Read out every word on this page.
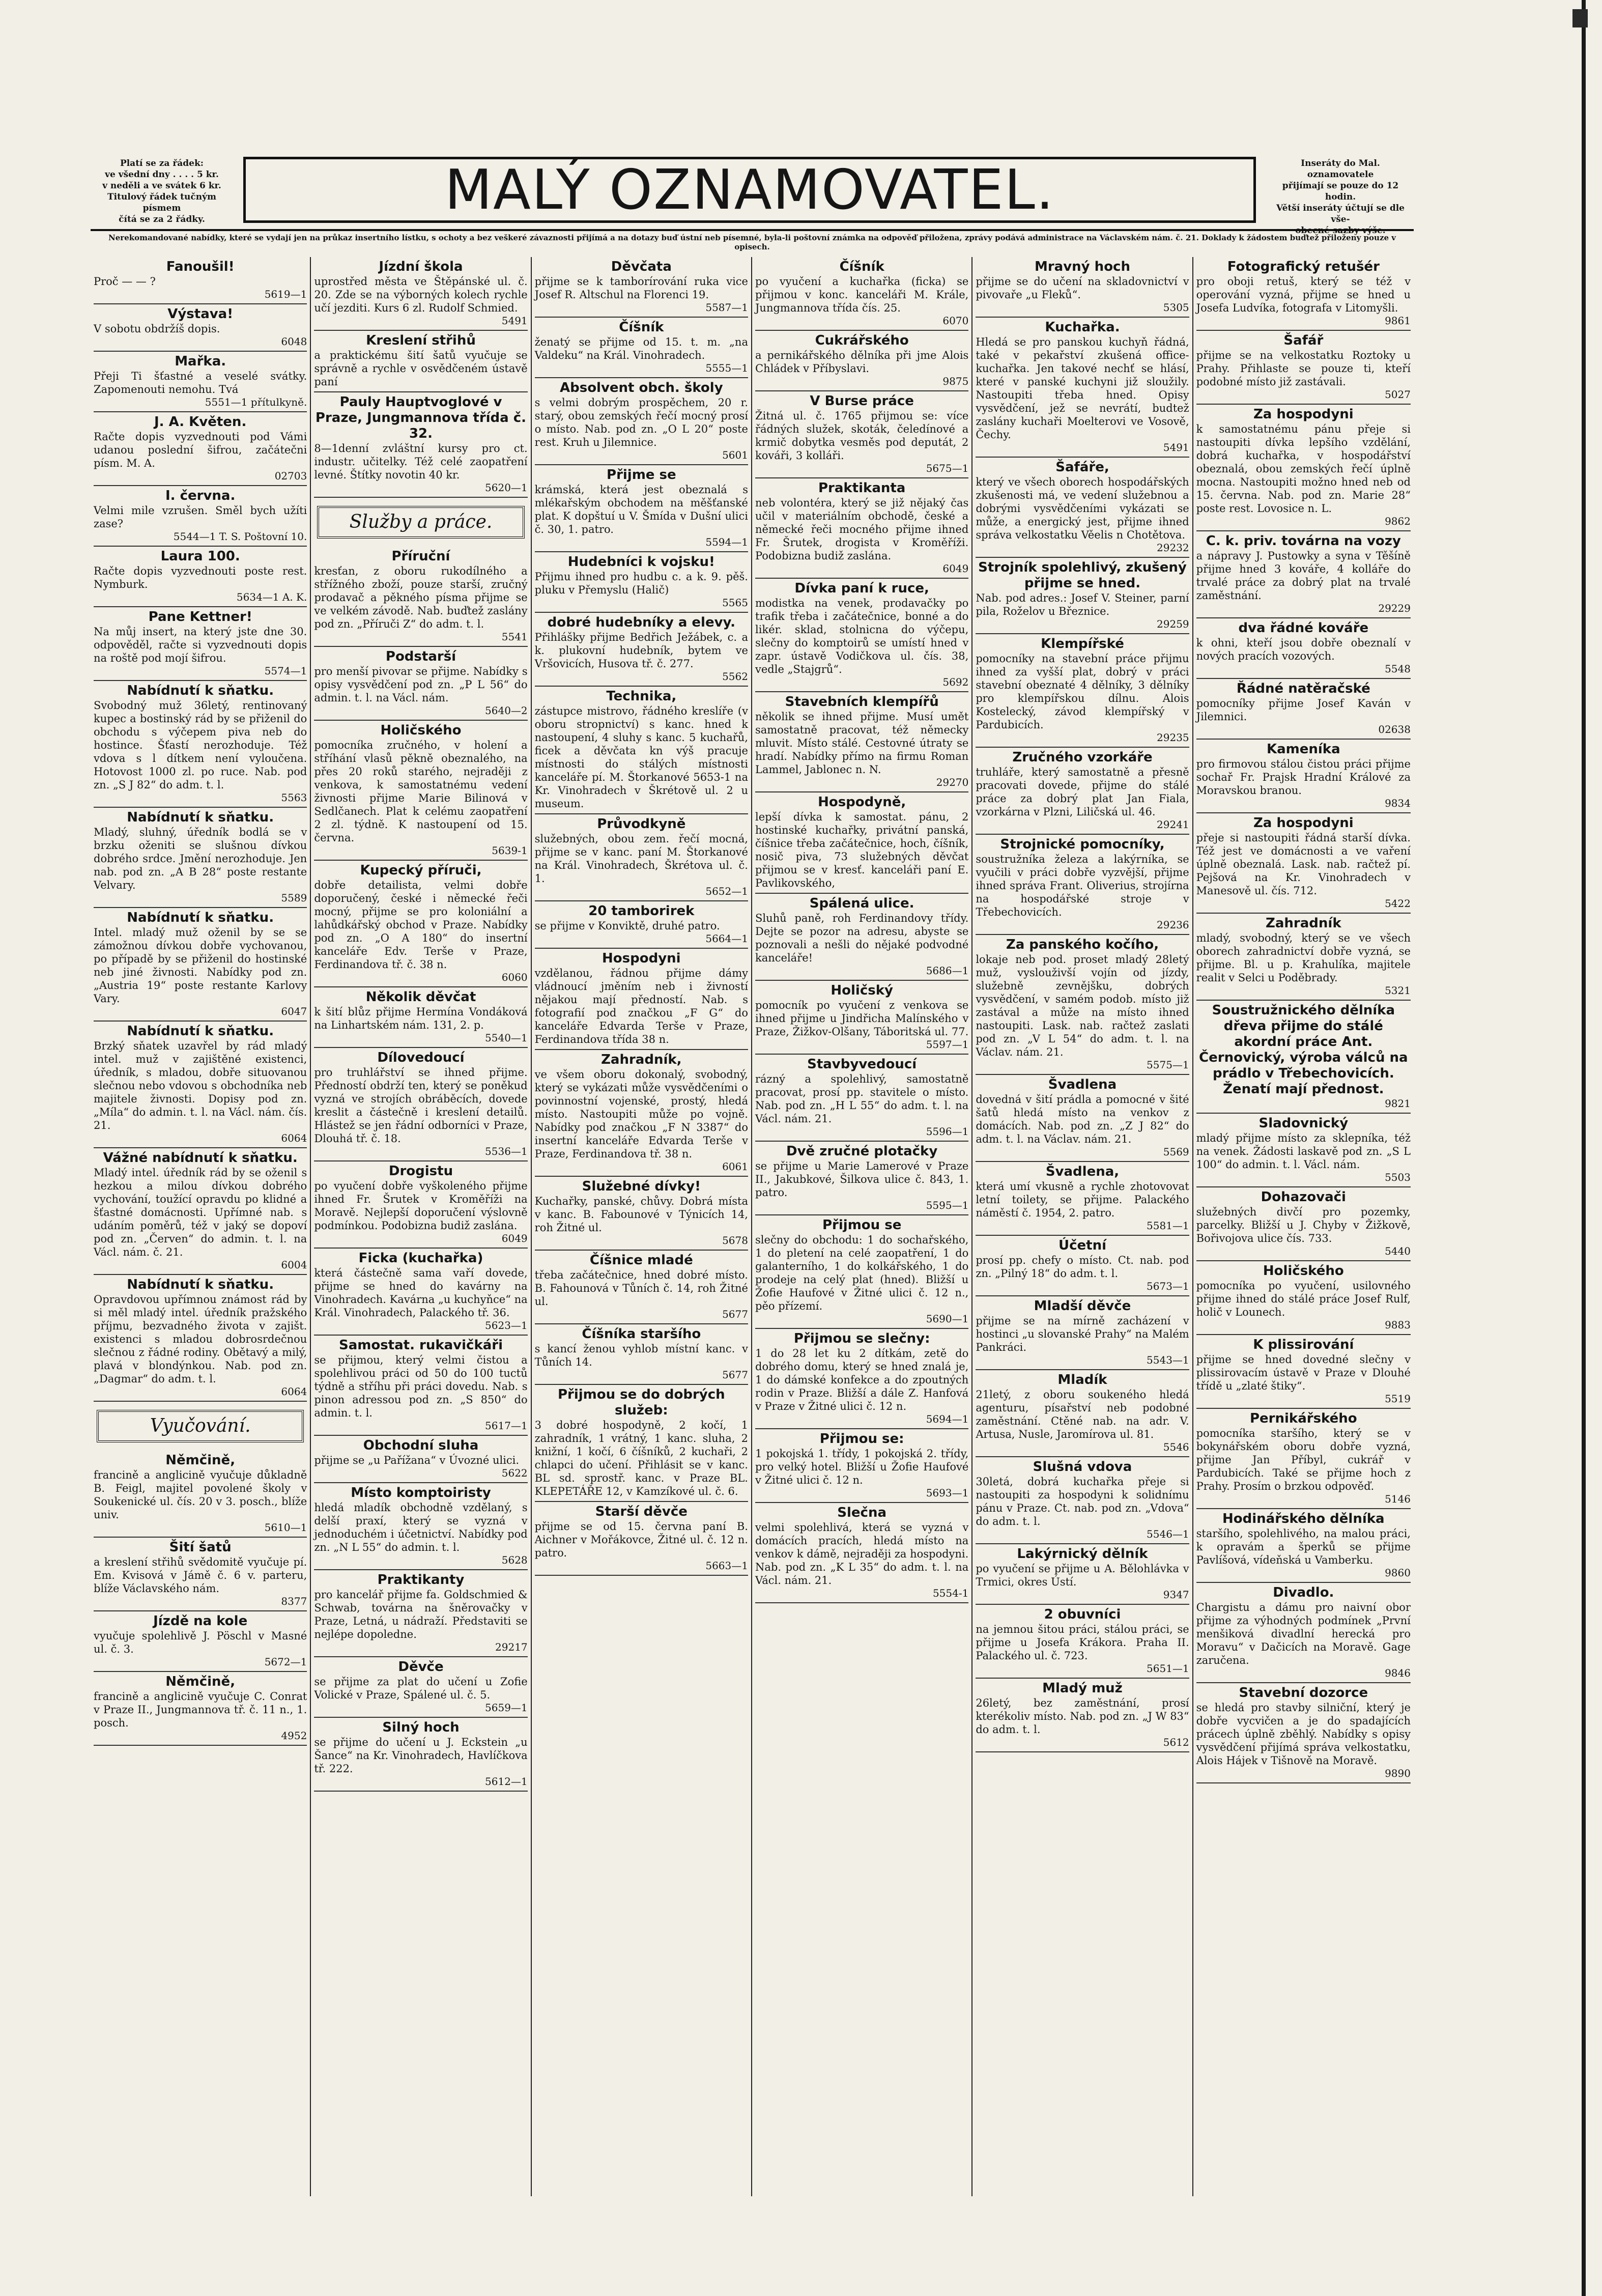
Platí se za řádek:
ve všední dny . . . . 5 kr.
v neděli a ve svátek 6 kr.
Titulový řádek tučným písmem
čítá se za 2 řádky.	MALÝ OZNAMOVATEL.	Inseráty do Mal. oznamovatele
přijímají se pouze do 12 hodin.
Větší inseráty účtují se dle vše-
obecné sazby výše.
Nerekomandované nabídky, které se vydají jen na průkaz insertního lístku, s ochoty a bez veškeré závaznosti přijímá a na dotazy buď ústní neb písemné, byla-li poštovní známka na odpověď přiložena, zprávy podává administrace na Václavském nám. č. 21. Doklady k žádostem buďtež přiloženy pouze v opisech.
Fanoušil!

Proč — — ?

5619—1
Výstava!

V sobotu obdržíš dopis.

6048
Mařka.

Přeji Ti šťastné a veselé svátky. Zapomenouti nemohu. Tvá

5551—1 přítulkyně.
J. A. Květen.

Račte dopis vyzvednouti pod Vámi udanou poslední šifrou, začátečni písm. M. A.

02703
I. června.

Velmi mile vzrušen. Směl bych užíti zase?

5544—1 T. S. Poštovní 10.
Laura 100.

Račte dopis vyzvednouti poste rest. Nymburk.

5634—1 A. K.
Pane Kettner!

Na můj insert, na který jste dne 30. odpověděl, račte si vyzvednouti dopis na roště pod mojí šifrou.

5574—1
Nabídnutí k sňatku.

Svobodný muž 36letý, rentinovaný kupec a bostinský rád by se přiženil do obchodu s výčepem piva neb do hostince. Šťastí nerozhoduje. Též vdova s l dítkem není vyloučena. Hotovost 1000 zl. po ruce. Nab. pod zn. „S J 82“ do adm. t. l.

5563
Nabídnutí k sňatku.

Mladý, sluhný, úředník bodlá se v brzku oženiti se slušnou dívkou dobrého srdce. Jmění nerozhoduje. Jen nab. pod zn. „A B 28“ poste restante Velvary.

5589
Nabídnutí k sňatku.

Intel. mladý muž oženil by se se zámožnou dívkou dobře vychovanou, po případě by se přiženil do hostinské neb jiné živnosti. Nabídky pod zn. „Austria 19“ poste restante Karlovy Vary.

6047
Nabídnutí k sňatku.

Brzký sňatek uzavřel by rád mladý intel. muž v zajištěné existenci, úředník, s mladou, dobře situovanou slečnou nebo vdovou s obchodníka neb majitele živnosti. Dopisy pod zn. „Míla“ do admin. t. l. na Václ. nám. čís. 21.

6064
Vážné nabídnutí k sňatku.

Mladý intel. úředník rád by se oženil s hezkou a milou dívkou dobrého vychování, toužící opravdu po klidné a šťastné domácnosti. Upřímné nab. s udáním poměrů, též v jaký se dopoví pod zn. „Červen“ do admin. t. l. na Václ. nám. č. 21.

6004
Nabídnutí k sňatku.

Opravdovou upřímnou známost rád by si měl mladý intel. úředník pražského příjmu, bezvadného života v zajišt. existenci s mladou dobrosrdečnou slečnou z řádné rodiny. Obětavý a milý, plavá v blondýnkou. Nab. pod zn. „Dagmar“ do adm. t. l.

6064
Vyučování.
Němčině,

francině a anglicině vyučuje důkladně B. Feigl, majitel povolené školy v Soukenické ul. čís. 20 v 3. posch., blíže univ.

5610—1
Šití šatů

a kreslení střihů svědomitě vyučuje pí. Em. Kvisová v Jámě č. 6 v. parteru, blíže Václavského nám.

8377
Jízdě na kole

vyučuje spolehlivě J. Pöschl v Masné ul. č. 3.

5672—1
Němčině,

francině a anglicině vyučuje C. Conrat v Praze II., Jungmannova tř. č. 11 n., 1. posch.

4952
Jízdní škola

uprostřed města ve Štěpánské ul. č. 20. Zde se na výborných kolech rychle učí jezditi. Kurs 6 zl. Rudolf Schmied.

5491
Kreslení střihů

a praktickému šití šatů vyučuje se správně a rychle v osvědčeném ústavě paní

Pauly Hauptvoglové v Praze, Jungmannova třída č. 32.

8—1denní zvláštní kursy pro ct. industr. učitelky. Též celé zaopatření levné. Štítky novotin 40 kr.

5620—1
Služby a práce.
Příruční

kresťan, z oboru rukodílného a střížného zboží, pouze starší, zručný prodavač a pěkného písma přijme se ve velkém závodě. Nab. buďtež zaslány pod zn. „Příruči Z“ do adm. t. l.

5541
Podstarší

pro menší pivovar se přijme. Nabídky s opisy vysvědčení pod zn. „P L 56“ do admin. t. l. na Václ. nám.

5640—2
Holičského

pomocníka zručného, v holení a stříhání vlasů pěkně obeznalého, na přes 20 roků starého, nejraději z venkova, k samostatnému vedení živnosti přijme Marie Bilinová v Sedlčanech. Plat k celému zaopatření 2 zl. týdně. K nastoupení od 15. června.

5639-1
Kupecký příruči,

dobře detailista, velmi dobře doporučený, české i německé řeči mocný, přijme se pro koloniální a lahůdkářský obchod v Praze. Nabídky pod zn. „O A 180“ do insertní kanceláře Edv. Terše v Praze, Ferdinandova tř. č. 38 n.

6060
Několik děvčat

k šití blůz přijme Hermína Vondáková na Linhartském nám. 131, 2. p.

5540—1
Dílovedoucí

pro truhlářství se ihned přijme. Předností obdrží ten, který se poněkud vyzná ve strojích obráběcích, dovede kreslit a částečně i kreslení detailů. Hlástež se jen řádní odborníci v Praze, Dlouhá tř. č. 18.

5536—1
Drogistu

po vyučení dobře vyškoleného přijme ihned Fr. Šrutek v Kroměříži na Moravě. Nejlepší doporučení výslovně podmínkou. Podobizna budiž zaslána.

6049
Ficka (kuchařka)

která částečně sama vaří dovede, přijme se hned do kavárny na Vinohradech. Kavárna „u kuchyňce“ na Král. Vinohradech, Palackého tř. 36.

5623—1
Samostat. rukavičkáři

se přijmou, který velmi čistou a spolehlivou práci od 50 do 100 tuctů týdně a stříhu při práci dovedu. Nab. s pinon adressou pod zn. „S 850“ do admin. t. l.

5617—1
Obchodní sluha

přijme se „u Pařížana“ v Úvozné ulici.

5622
Místo komptoiristy

hledá mladík obchodně vzdělaný, s delší praxí, který se vyzná v jednoduchém i účetnictví. Nabídky pod zn. „N L 55“ do admin. t. l.

5628
Praktikanty

pro kancelář přijme fa. Goldschmied & Schwab, továrna na šněrovačky v Praze, Letná, u nádraží. Představiti se nejlépe dopoledne.

29217
Děvče

se přijme za plat do učení u Zofie Volické v Praze, Spálené ul. č. 5.

5659—1
Silný hoch

se přijme do učení u J. Eckstein „u Šance“ na Kr. Vinohradech, Havlíčkova tř. 222.

5612—1
Děvčata

přijme se k tamborírování ruka vice Josef R. Altschul na Florenci 19.

5587—1
Číšník

ženatý se přijme od 15. t. m. „na Valdeku“ na Král. Vinohradech.

5555—1
Absolvent obch. školy

s velmi dobrým prospěchem, 20 r. starý, obou zemských řečí mocný prosí o místo. Nab. pod zn. „O L 20“ poste rest. Kruh u Jilemnice.

5601
Přijme se

krámská, která jest obeznalá s mlékařským obchodem na měšťanské plat. K dopštuí u V. Šmída v Dušní ulici č. 30, 1. patro.

5594—1
Hudebníci k vojsku!

Přijmu ihned pro hudbu c. a k. 9. pěš. pluku v Přemyslu (Halič)

5565
dobré hudebníky a elevy.

Přihlášky přijme Bedřich Ježábek, c. a k. plukovní hudebník, bytem ve Vršovicích, Husova tř. č. 277.

5562
Technika,

zástupce mistrovo, řádného kreslíře (v oboru stropnictví) s kanc. hned k nastoupení, 4 sluhy s kanc. 5 kuchařů, ficek a děvčata kn výš pracuje místnosti do stálých místnosti kanceláře pí. M. Štorkanové 5653-1 na Kr. Vinohradech v Škrétově ul. 2 u museum.

Průvodkyně

služebných, obou zem. řečí mocná, přijme se v kanc. paní M. Štorkanové na Král. Vinohradech, Škrétova ul. č. 1.

5652—1
20 tamborirek

se přijme v Konviktě, druhé patro.

5664—1
Hospodyni

vzdělanou, řádnou přijme dámy vládnoucí jměním neb i živností nějakou mají předností. Nab. s fotografií pod značkou „F G“ do kanceláře Edvarda Terše v Praze, Ferdinandova třída 38 n.

Zahradník,

ve všem oboru dokonalý, svobodný, který se vykázati může vysvědčeními o povinnostní vojenské, prostý, hledá místo. Nastoupiti může po vojně. Nabídky pod značkou „F N 3387“ do insertní kanceláře Edvarda Terše v Praze, Ferdinandova tř. 38 n.

6061
Služebné dívky!

Kuchařky, panské, chůvy. Dobrá místa v kanc. B. Fabounové v Týnicích 14, roh Žitné ul.

5678
Číšnice mladé

třeba začátečnice, hned dobré místo. B. Fahounová v Tůních č. 14, roh Žitné ul.

5677
Číšníka staršího

s kancí ženou vyhlob místní kanc. v Tůních 14.

5677
Přijmou se do dobrých služeb:

3 dobré hospodyně, 2 kočí, 1 zahradník, 1 vrátný, 1 kanc. sluha, 2 knižní, 1 kočí, 6 číšníků, 2 kuchaři, 2 chlapci do učení. Přihlásit se v kanc. BL sd. sprostř. kanc. v Praze BL. KLEPETÁŘE 12, v Kamzíkové ul. č. 6.

Starší děvče

přijme se od 15. června paní B. Aichner v Mořákovce, Žitné ul. č. 12 n. patro.

5663—1
Číšník

po vyučení a kuchařka (ficka) se přijmou v konc. kanceláři M. Krále, Jungmannova třída čís. 25.

6070
Cukrářského

a pernikářského dělníka při jme Alois Chládek v Příbyslavi.

9875
V Burse práce

Žitná ul. č. 1765 přijmou se: více řádných služek, skoták, čeledínové a krmič dobytka vesměs pod deputát, 2 kováři, 3 kolláři.

5675—1
Praktikanta

neb volontéra, který se již nějaký čas učil v materiálním obchodě, české a německé řeči mocného přijme ihned Fr. Šrutek, drogista v Kroměříži. Podobizna budiž zaslána.

6049
Dívka paní k ruce,

modistka na venek, prodavačky po trafik třeba i začátečnice, bonné a do likér. sklad, stolnicna do výčepu, slečny do komptoirů se umístí hned v zapr. ústavě Vodičkova ul. čís. 38, vedle „Stajgrů“.

5692
Stavebních klempířů

několik se ihned přijme. Musí umět samostatně pracovat, též německy mluvit. Místo stálé. Cestovné útraty se hradí. Nabídky přímo na firmu Roman Lammel, Jablonec n. N.

29270
Hospodyně,

lepší dívka k samostat. pánu, 2 hostinské kuchařky, privátní panská, číšnice třeba začátečnice, hoch, číšník, nosič piva, 73 služebných děvčat přijmou se v kresť. kanceláři paní E. Pavlikovského,

Spálená ulice.

Sluhů paně, roh Ferdinandovy třídy. Dejte se pozor na adresu, abyste se poznovali a nešli do nějaké podvodné kanceláře!

5686—1
Holičský

pomocník po vyučení z venkova se ihned přijme u Jindřicha Malínského v Praze, Žižkov-Olšany, Táboritská ul. 77.

5597—1
Stavbyvedoucí

rázný a spolehlivý, samostatně pracovat, prosí pp. stavitele o místo. Nab. pod zn. „H L 55“ do adm. t. l. na Václ. nám. 21.

5596—1
Dvě zručné plotačky

se přijme u Marie Lamerové v Praze II., Jakubkové, Šilkova ulice č. 843, 1. patro.

5595—1
Přijmou se

slečny do obchodu: 1 do sochařského, 1 do pletení na celé zaopatření, 1 do galanterního, 1 do kolkářského, 1 do prodeje na celý plat (hned). Bližší u Žofie Haufové v Žitné ulici č. 12 n., pěo přízemí.

5690—1
Přijmou se slečny:

1 do 28 let ku 2 dítkám, zetě do dobrého domu, který se hned znalá je, 1 do dámské konfekce a do zpoutných rodin v Praze. Bližší a dále Z. Hanfová v Praze v Žitné ulici č. 12 n.

5694—1
Přijmou se:

1 pokojská 1. třídy, 1 pokojská 2. třídy, pro velký hotel. Bližší u Žofie Haufové v Žitné ulici č. 12 n.

5693—1
Slečna

velmi spolehlivá, která se vyzná v domácích pracích, hledá místo na venkov k dámě, nejraději za hospodyni. Nab. pod zn. „K L 35“ do adm. t. l. na Václ. nám. 21.

5554-1
Mravný hoch

přijme se do učení na skladovnictví v pivovaře „u Fleků“.

5305
Kuchařka.

Hledá se pro panskou kuchyň řádná, také v pekařství zkušená office-kuchařka. Jen takové nechť se hlásí, které v panské kuchyni již sloužily. Nastoupiti třeba hned. Opisy vysvědčení, jež se nevrátí, budtež zaslány kuchaři Moelterovi ve Vosově, Čechy.

5491
Šafáře,

který ve všech oborech hospodářských zkušenosti má, ve vedení služebnou a dobrými vysvědčeními vykázati se může, a energický jest, přijme ihned správa velkostatku Věelis n Chotětova.

29232
Strojník spolehlivý, zkušený přijme se hned.

Nab. pod adres.: Josef V. Steiner, parní pila, Roželov u Březnice.

29259
Klempířské

pomocníky na stavební práce přijmu ihned za vyšší plat, dobrý v práci stavební obeznaté 4 dělníky, 3 dělníky pro klempířskou dílnu. Alois Kostelecký, závod klempířský v Pardubicích.

29235
Zručného vzorkáře

truhláře, který samostatně a přesně pracovati dovede, přijme do stálé práce za dobrý plat Jan Fiala, vzorkárna v Plzni, Liličská ul. 46.

29241
Strojnické pomocníky,

soustružníka železa a lakýrníka, se vyučili v práci dobře vyzvější, přijme ihned správa Frant. Oliverius, strojírna na hospodářské stroje v Třebechovicích.

29236
Za panského kočího,

lokaje neb pod. proset mladý 28letý muž, vyslouživší vojín od jízdy, služebně zevnějšku, dobrých vysvědčení, v samém podob. místo již zastával a může na místo ihned nastoupiti. Lask. nab. račtež zaslati pod zn. „V L 54“ do adm. t. l. na Václav. nám. 21.

5575—1
Švadlena

dovedná v šití prádla a pomocné v šité šatů hledá místo na venkov z domácích. Nab. pod zn. „Z J 82“ do adm. t. l. na Václav. nám. 21.

5569
Švadlena,

která umí vkusně a rychle zhotovovat letní toilety, se přijme. Palackého náměstí č. 1954, 2. patro.

5581—1
Účetní

prosí pp. chefy o místo. Ct. nab. pod zn. „Pilný 18“ do adm. t. l.

5673—1
Mladší děvče

přijme se na mírně zacházení v hostinci „u slovanské Prahy“ na Malém Pankráci.

5543—1
Mladík

21letý, z oboru soukeného hledá agenturu, písařství neb podobné zaměstnání. Ctěné nab. na adr. V. Artusa, Nusle, Jaromírova ul. 81.

5546
Slušná vdova

30letá, dobrá kuchařka přeje si nastoupiti za hospodyni k solidnímu pánu v Praze. Ct. nab. pod zn. „Vdova“ do adm. t. l.

5546—1
Lakýrnický dělník

po vyučení se přijme u A. Bělohlávka v Trmici, okres Ústí.

9347
2 obuvníci

na jemnou šitou práci, stálou práci, se přijme u Josefa Krákora. Praha II. Palackého ul. č. 723.

5651—1
Mladý muž

26letý, bez zaměstnání, prosí kterékoliv místo. Nab. pod zn. „J W 83“ do adm. t. l.

5612
Fotografický retušér

pro oboji retuš, který se též v operování vyzná, přijme se hned u Josefa Ludvíka, fotografa v Litomyšli.

9861
Šafář

přijme se na velkostatku Roztoky u Prahy. Přihlaste se pouze ti, kteří podobné místo již zastávali.

5027
Za hospodyni

k samostatnému pánu přeje si nastoupiti dívka lepšího vzdělání, dobrá kuchařka, v hospodářství obeznalá, obou zemských řečí úplně mocna. Nastoupiti možno hned neb od 15. června. Nab. pod zn. Marie 28“ poste rest. Lovosice n. L.

9862
C. k. priv. továrna na vozy

a nápravy J. Pustowky a syna v Těšíně přijme hned 3 kováře, 4 kolláře do trvalé práce za dobrý plat na trvalé zaměstnání.

29229
dva řádné kováře

k ohni, kteří jsou dobře obeznalí v nových pracích vozových.

5548
Řádné natěračské

pomocníky přijme Josef Kaván v Jilemnici.

02638
Kameníka

pro firmovou stálou čistou práci přijme sochař Fr. Prajsk Hradní Králové za Moravskou branou.

9834
Za hospodyni

přeje si nastoupiti řádná starší dívka. Též jest ve domácnosti a ve vaření úplně obeznalá. Lask. nab. račtež pí. Pejšová na Kr. Vinohradech v Manesově ul. čís. 712.

5422
Zahradník

mladý, svobodný, který se ve všech oborech zahradnictví dobře vyzná, se přijme. Bl. u p. Krahulíka, majitele realit v Selci u Poděbrady.

5321
Soustružnického dělníka dřeva přijme do stálé akordní práce Ant. Černovický, výroba válců na prádlo v Třebechovicích. Ženatí mají přednost.
9821
Sladovnický

mladý přijme místo za sklepníka, též na venek. Žádosti laskavě pod zn. „S L 100“ do admin. t. l. Václ. nám.

5503
Dohazovači

služebných divčí pro pozemky, parcelky. Bližší u J. Chyby v Žižkově, Bořivojova ulice čís. 733.

5440
Holičského

pomocníka po vyučení, usilovného přijme ihned do stálé práce Josef Rulf, holič v Lounech.

9883
K plissirování

přijme se hned dovedné slečny v plissirovacím ústavě v Praze v Dlouhé třídě u „zlaté štiky“.

5519
Pernikářského

pomocníka staršího, který se v bokynářském oboru dobře vyzná, přijme Jan Příbyl, cukrář v Pardubicích. Také se přijme hoch z Prahy. Prosím o brzkou odpověď.

5146
Hodinářského dělníka

staršího, spolehlivého, na malou práci, k opravám a šperků se přijme Pavlíšová, vídeňská u Vamberku.

9860
Divadlo.

Chargistu a dámu pro naivní obor přijme za výhodných podmínek „První menšiková divadlní herecká pro Moravu“ v Dačicích na Moravě. Gage zaručena.

9846
Stavební dozorce

se hledá pro stavby silniční, který je dobře vycvičen a je do spadajících prácech úplně zběhlý. Nabídky s opisy vysvědčení přijímá správa velkostatku, Alois Hájek v Tišnově na Moravě.

9890
